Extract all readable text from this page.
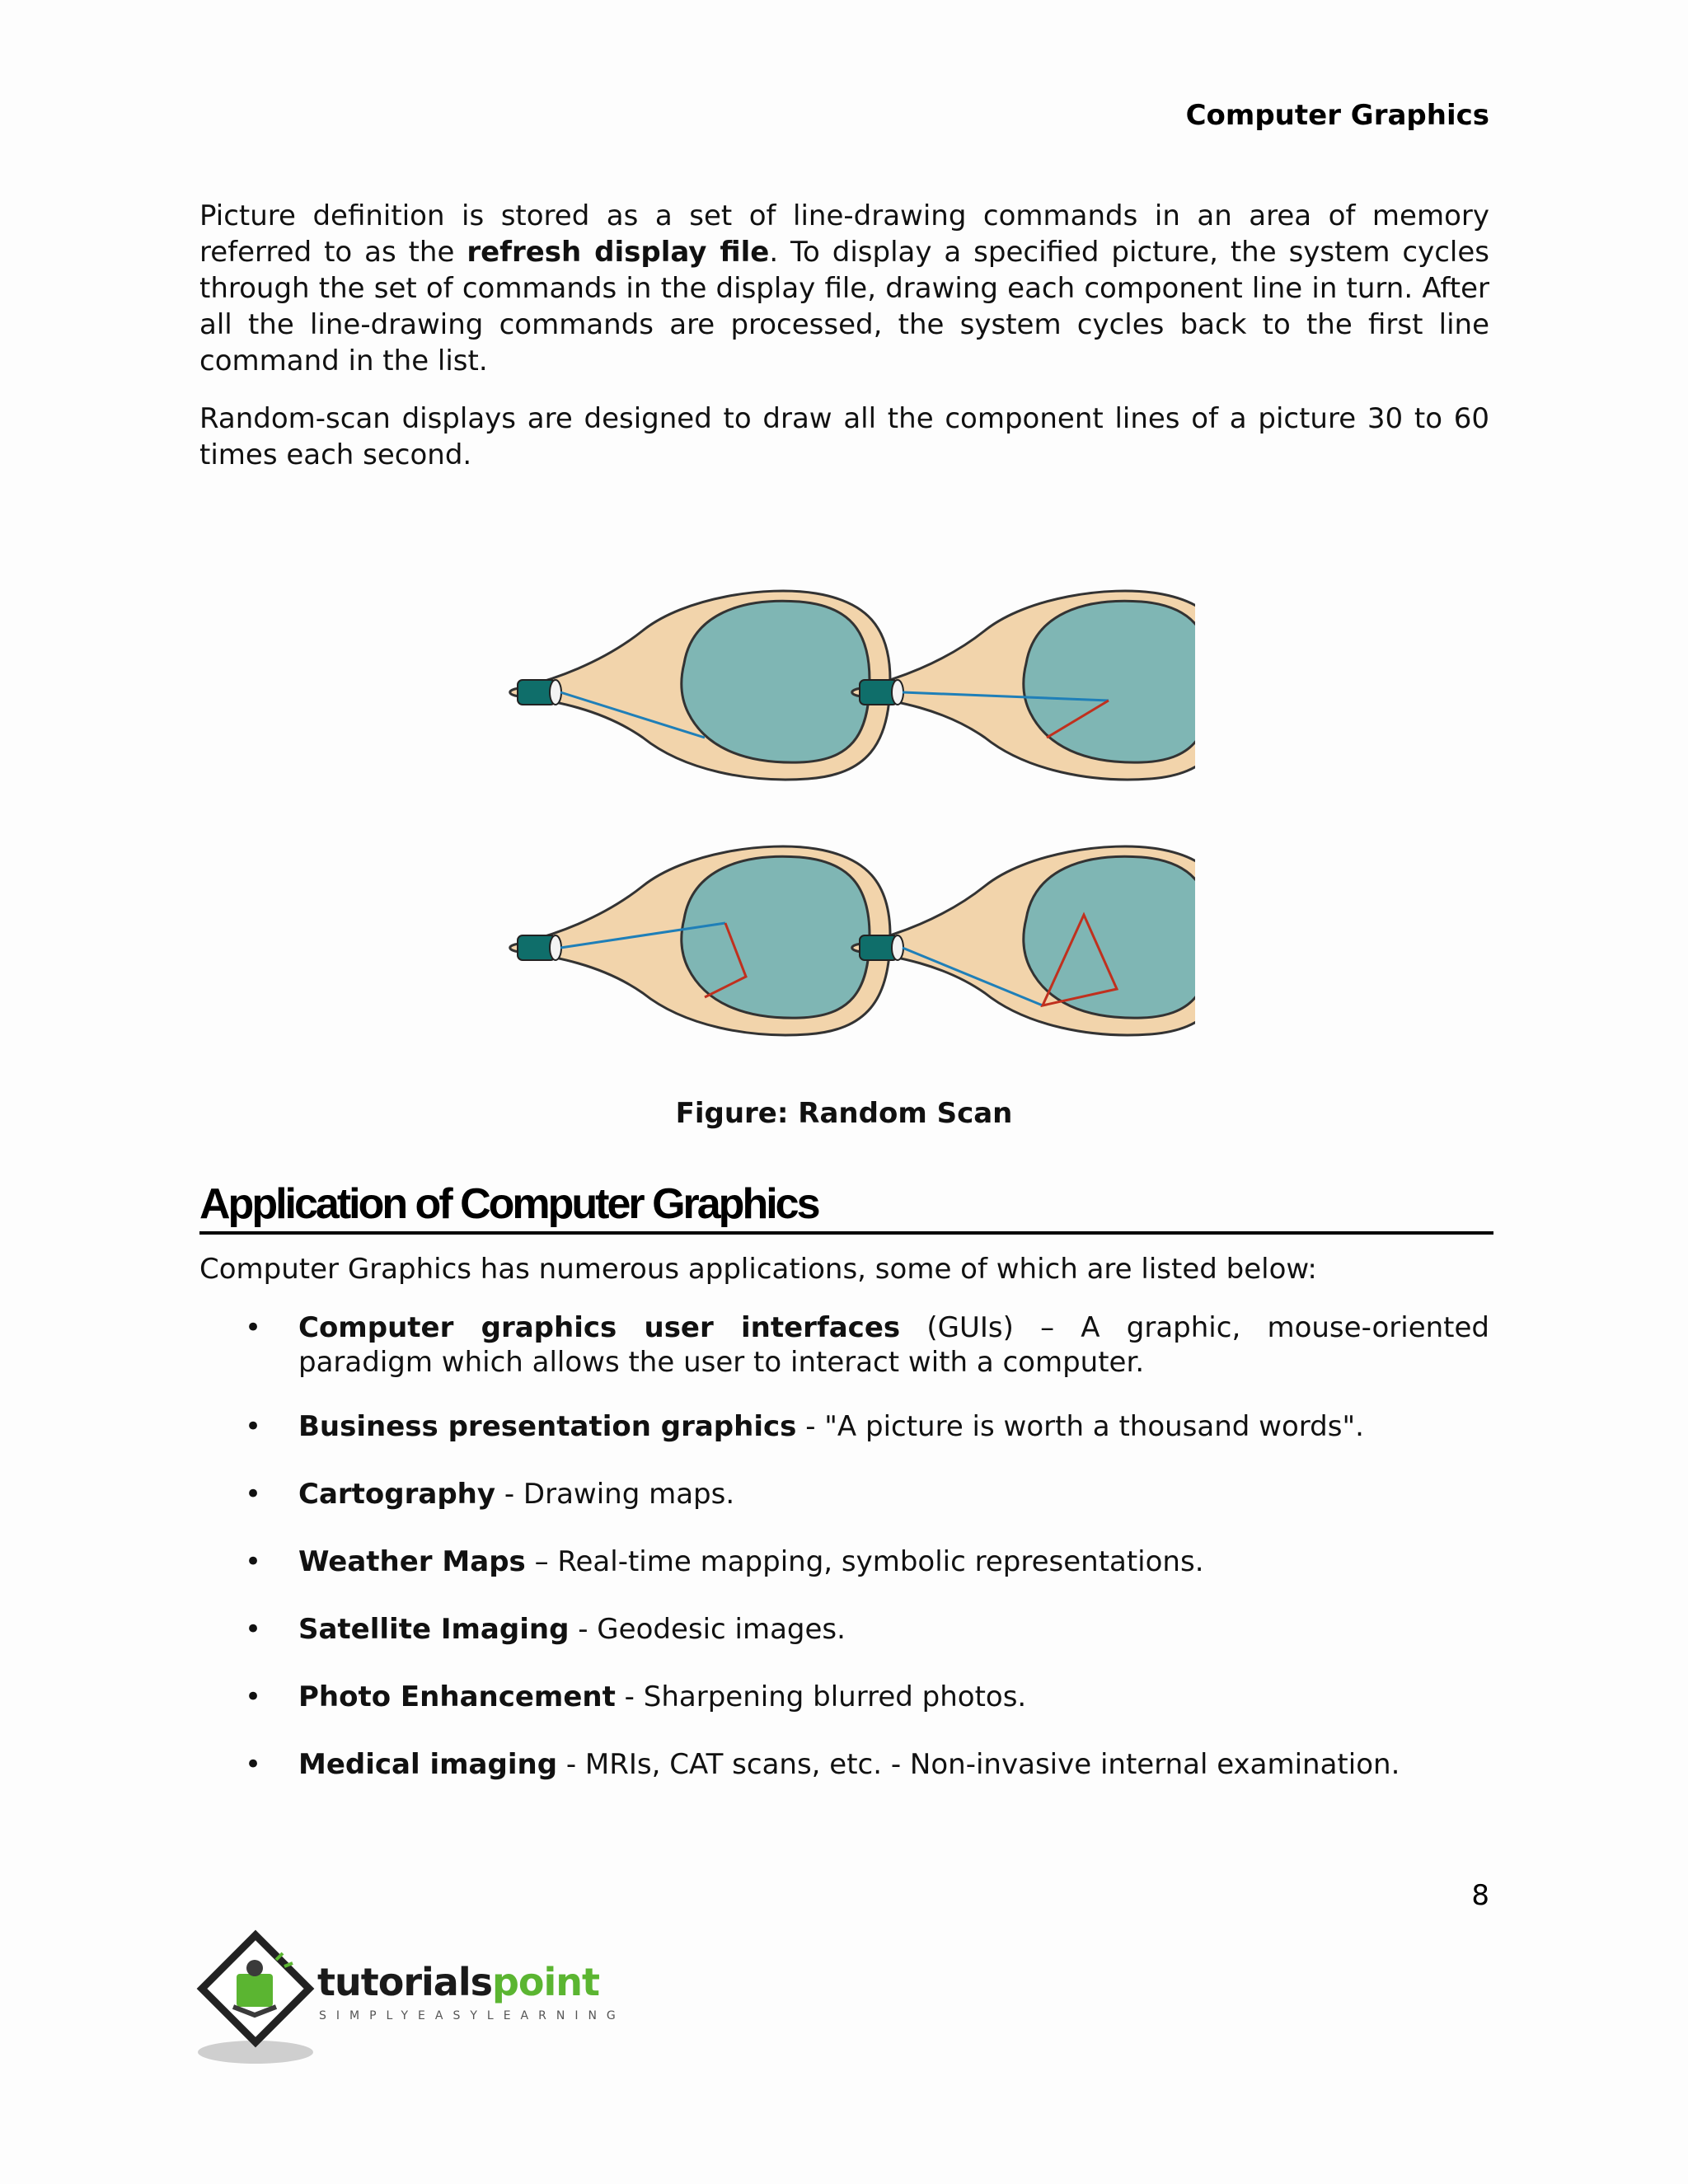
Computer Graphics

Picture definition is stored as a set of line-drawing commands in an area of memory referred to as the refresh display file. To display a specified picture, the system cycles through the set of commands in the display file, drawing each component line in turn. After all the line-drawing commands are processed, the system cycles back to the first line command in the list.

Random-scan displays are designed to draw all the component lines of a picture 30 to 60 times each second.

Figure: Random Scan
Application of Computer Graphics

Computer Graphics has numerous applications, some of which are listed below:

• Computer graphics user interfaces (GUIs) – A graphic, mouse-oriented paradigm which allows the user to interact with a computer.
• Business presentation graphics - "A picture is worth a thousand words".
• Cartography - Drawing maps.
• Weather Maps – Real-time mapping, symbolic representations.
• Satellite Imaging - Geodesic images.
• Photo Enhancement - Sharpening blurred photos.
• Medical imaging - MRIs, CAT scans, etc. - Non-invasive internal examination.
8
tutorialspoint
SIMPLYEASYLEARNING
